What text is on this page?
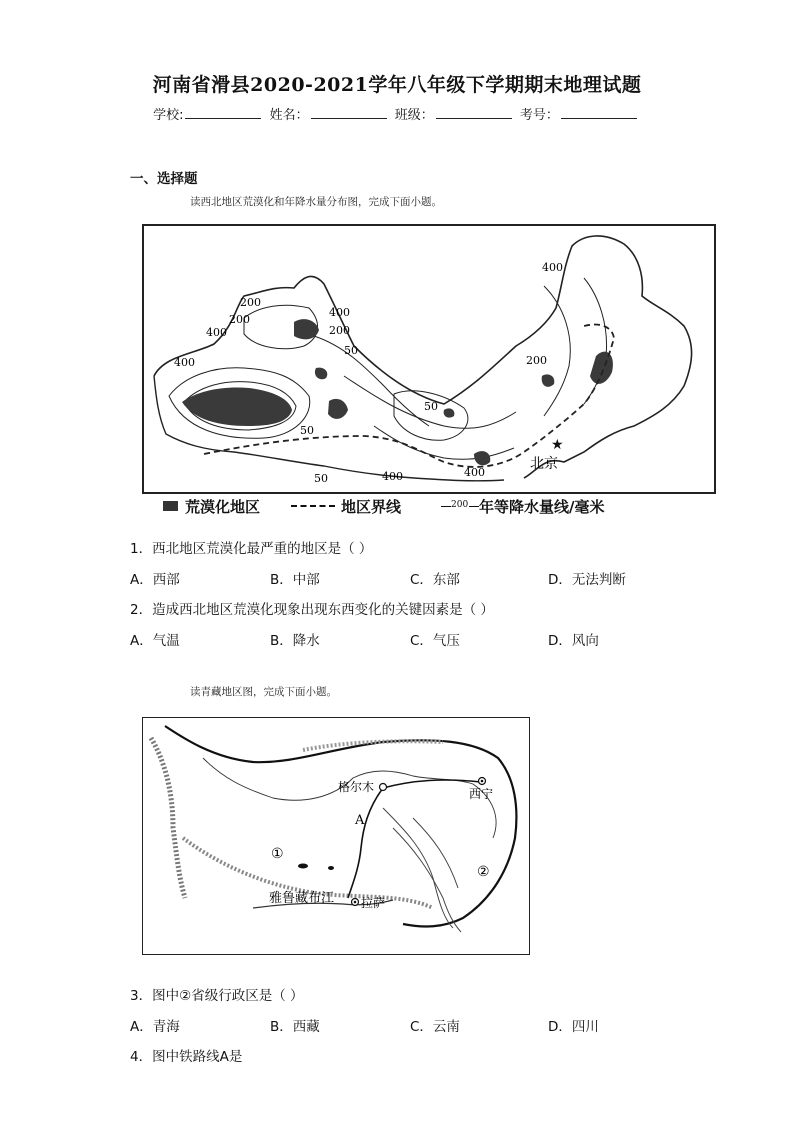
河南省滑县2020-2021学年八年级下学期期末地理试题
学校:	姓名：	班级：	考号：
一、选择题
读西北地区荒漠化和年降水量分布图，完成下面小题。
400
200
200
400
400
200
50
400
50
50
200
50	400	400
★
北京
荒漠化地区	地区界线	200 年等降水量线/毫米
1．西北地区荒漠化最严重的地区是（ ）
A．西部	B．中部	C．东部	D．无法判断
2．造成西北地区荒漠化现象出现东西变化的关键因素是（ ）
A．气温	B．降水	C．气压	D．风向
读青藏地区图，完成下面小题。
格尔木	西宁
拉萨
雅鲁藏布江
A
①
②
3．图中②省级行政区是（ ）
A．青海	B．西藏	C．云南	D．四川
4．图中铁路线A是
